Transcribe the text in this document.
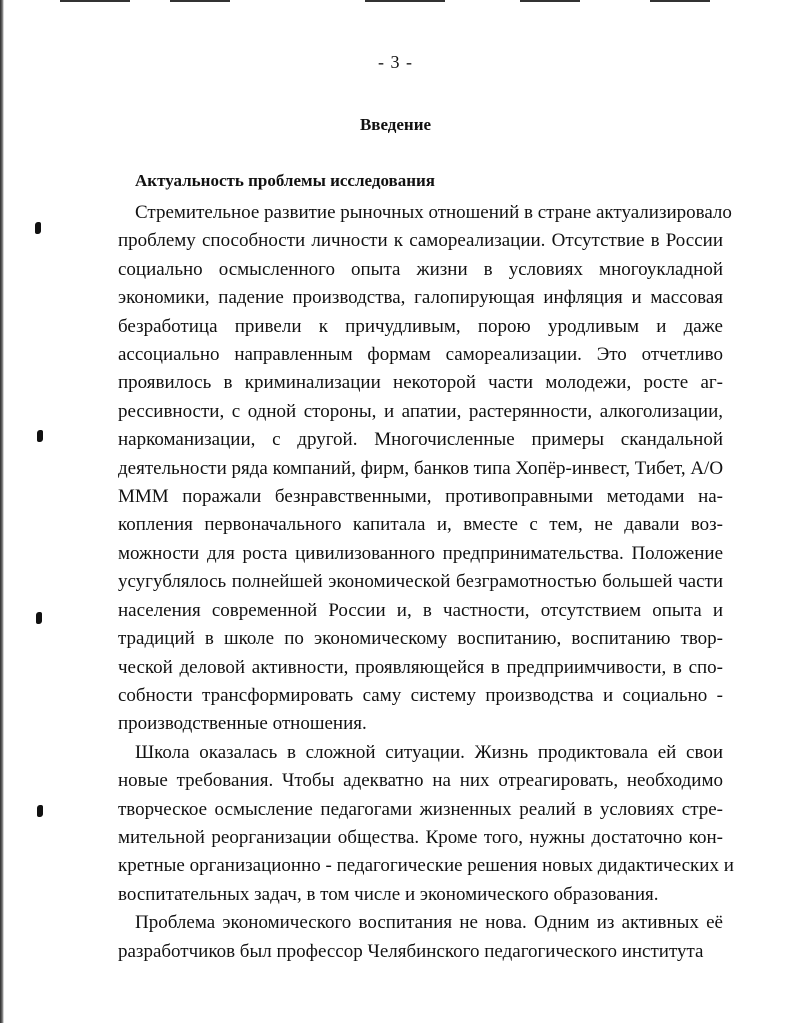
- 3 -
Введение
Актуальность проблемы исследования

Стремительное развитие рыночных отношений в стране актуализировало
проблему способности личности к самореализации. Отсутствие в России
социально осмысленного опыта жизни в условиях многоукладной
экономики, падение производства, галопирующая инфляция и массовая
безработица привели к причудливым, порою уродливым и даже
ассоциально направленным формам самореализации. Это отчетливо
проявилось в криминализации некоторой части молодежи, росте аг-
рессивности, с одной стороны, и апатии, растерянности, алкоголизации,
наркоманизации, с другой. Многочисленные примеры скандальной
деятельности ряда компаний, фирм, банков типа Хопёр-инвест, Тибет, А/О
МММ поражали безнравственными, противоправными методами на-
копления первоначального капитала и, вместе с тем, не давали воз-
можности для роста цивилизованного предпринимательства. Положение
усугублялось полнейшей экономической безграмотностью большей части
населения современной России и, в частности, отсутствием опыта и
традиций в школе по экономическому воспитанию, воспитанию твор-
ческой деловой активности, проявляющейся в предприимчивости, в спо-
собности трансформировать саму систему производства и социально -
производственные отношения.

Школа оказалась в сложной ситуации. Жизнь продиктовала ей свои
новые требования. Чтобы адекватно на них отреагировать, необходимо
творческое осмысление педагогами жизненных реалий в условиях стре-
мительной реорганизации общества. Кроме того, нужны достаточно кон-
кретные организационно - педагогические решения новых дидактических и
воспитательных задач, в том числе и экономического образования.

Проблема экономического воспитания не нова. Одним из активных её
разработчиков был профессор Челябинского педагогического института
